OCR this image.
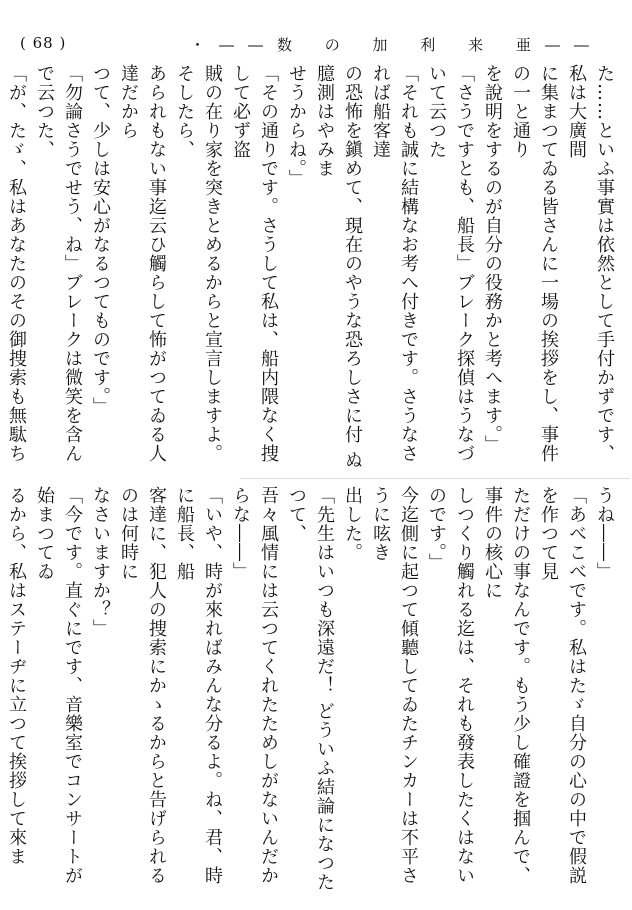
( 68 )	・――数 の 加 利 来 亜――

た……といふ事實は依然として手付かずです、私は大廣間

に集まつてゐる皆さんに一場の挨拶をし、事件の一と通り

を說明をするのが自分の役務かと考へます。」

「さうですとも、船長」ブレーク探偵はうなづいて云つた

「それも誠に結構なお考へ付きです。さうなされば船客達

の恐怖を鎭めて、現在のやうな恐ろしさに付 ぬ臆測はやみま

せうからね。」

「その通りです。さうして私は、船内隈なく捜して必ず盗

賊の在り家を突きとめるからと宣言しますよ。そしたら、

あられもない事迄云ひ觸らして怖がつてゐる人達だから

つて、少しは安心がなるつてものです。」

「勿論さうでせう、ね」ブレークは微笑を含んで云つた、

「が、たゞ、私はあなたのその御捜索も無駄ち

うね――」

「あべこべです。私はたゞ自分の心の中で假説を作つて見

ただけの事なんです。もう少し確證を掴んで、事件の核心に

しつくり觸れる迄は、それも發表したくはないのです。」

今迄側に起つて傾聽してゐたチンカーは不平さうに呟き

出した。

「先生はいつも深遠だ！ どういふ結論になつたつて、

吾々風情には云つてくれたためしがないんだからな――」

「いや、時が來ればみんな分るよ。ね、君、時に船長、船

客達に、犯人の捜索にかゝるからと告げられるのは何時に

なさいますか？」

「今です。直ぐにです、音樂室でコンサートが始まつてゐ

るから、私はステーヂに立つて挨拶して來ま
